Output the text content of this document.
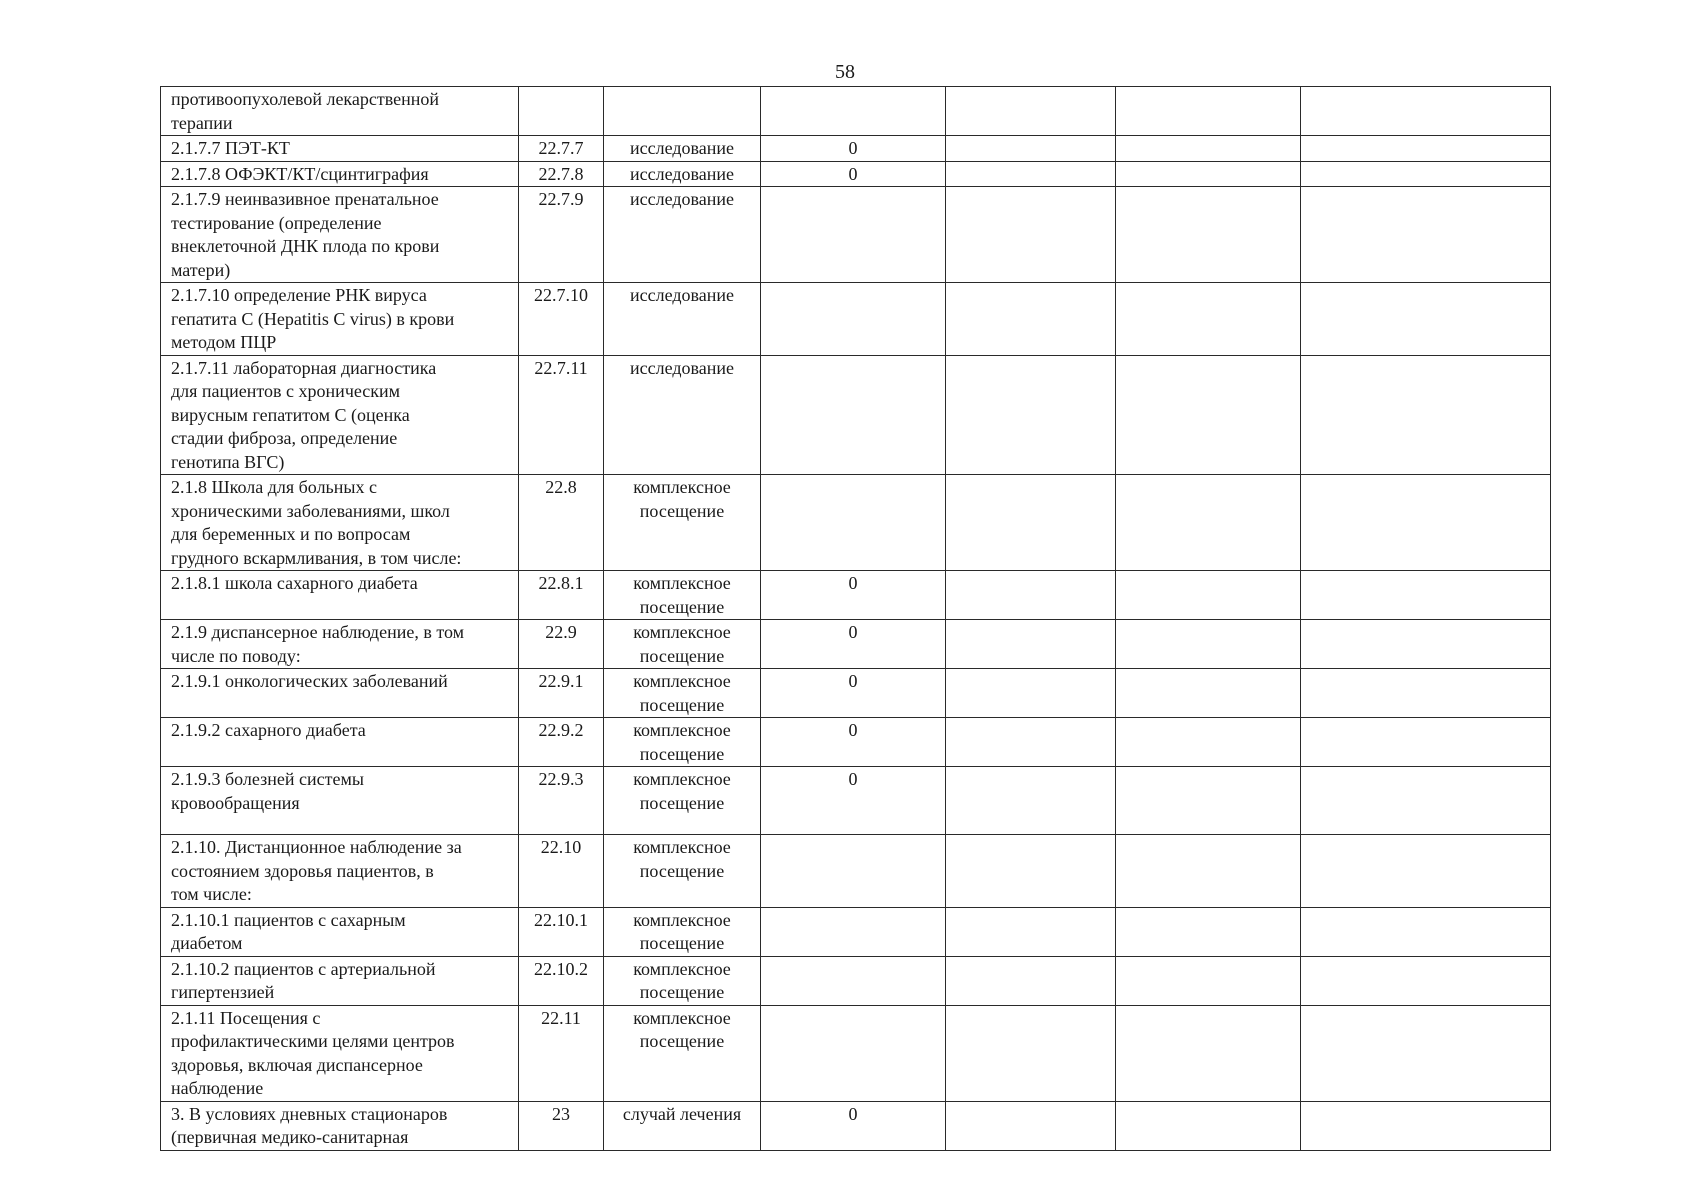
58
противоопухолевой лекарственной
терапии						
2.1.7.7 ПЭТ-КТ	22.7.7	исследование	0			
2.1.7.8 ОФЭКТ/КТ/сцинтиграфия	22.7.8	исследование	0			
2.1.7.9 неинвазивное пренатальное
тестирование (определение
внеклеточной ДНК плода по крови
матери)	22.7.9	исследование				
2.1.7.10 определение РНК вируса
гепатита С (Hepatitis C virus) в крови
методом ПЦР	22.7.10	исследование				
2.1.7.11 лабораторная диагностика
для пациентов с хроническим
вирусным гепатитом С (оценка
стадии фиброза, определение
генотипа ВГС)	22.7.11	исследование				
2.1.8 Школа для больных с
хроническими заболеваниями, школ
для беременных и по вопросам
грудного вскармливания, в том числе:	22.8	комплексное
посещение				
2.1.8.1 школа сахарного диабета	22.8.1	комплексное
посещение	0			
2.1.9 диспансерное наблюдение, в том
числе по поводу:	22.9	комплексное
посещение	0			
2.1.9.1 онкологических заболеваний	22.9.1	комплексное
посещение	0			
2.1.9.2 сахарного диабета	22.9.2	комплексное
посещение	0			
2.1.9.3 болезней системы
кровообращения	22.9.3	комплексное
посещение	0			
2.1.10. Дистанционное наблюдение за
состоянием здоровья пациентов, в
том числе:	22.10	комплексное
посещение				
2.1.10.1 пациентов с сахарным
диабетом	22.10.1	комплексное
посещение				
2.1.10.2 пациентов с артериальной
гипертензией	22.10.2	комплексное
посещение				
2.1.11 Посещения с
профилактическими целями центров
здоровья, включая диспансерное
наблюдение	22.11	комплексное
посещение				
3. В условиях дневных стационаров
(первичная медико-санитарная	23	случай лечения	0			
